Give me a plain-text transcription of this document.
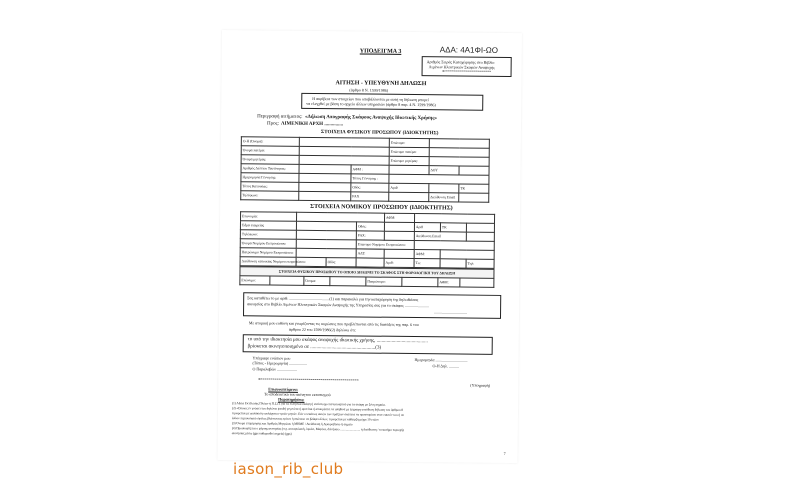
ΑΔΑ: 4Α1ΦΙ-ΩΟ
ΥΠΟΔΕΙΓΜΑ 3
Αριθμός Σειράς Καταχώρησης στο Βιβλίο
Λιμένων Ηλεκτρικών Σκαφών Αναψυχής
ΑΙΤΗΣΗ - ΥΠΕΥΘΥΝΗ ΔΗΛΩΣΗ
(άρθρο 8 Ν. 1599/1986)
Η ακρίβεια των στοιχείων που υποβάλλονται με αυτή τη δήλωση μπορεί
να ελεγχθεί με βάση το αρχείο άλλων υπηρεσιών (άρθρο 8 παρ. 4 Ν. 1599/1986)
Περιγραφή αιτήματος: «Δήλωση Απογραφής Σκάφους Αναψυχής Ιδιωτικής Χρήσης»
Προς: ΛΙΜΕΝΙΚΗ ΑΡΧΗ ...............
ΣΤΟΙΧΕΙΑ ΦΥΣΙΚΟΥ ΠΡΟΣΩΠΟΥ (ΙΔΙΟΚΤΗΤΗΣ)
Ο-Η (Όνομα):			Επώνυμο:		
Όνομα πατέρα:			Επώνυμο πατέρα:		
Όνομα μητέρας:			Επώνυμο μητέρας:		
Αριθμός Δελτίου Ταυτότητας:		ΑΦΜ :		ΔΟΥ	
Ημερομηνία Γέννησης:		Τόπος Γέννησης :			
Τόπος Κατοικίας:		Οδός:	Αριθ		ΤΚ
Τηλέφωνο:		FAX		Διεύθυνση Email	
ΣΤΟΙΧΕΙΑ ΝΟΜΙΚΟΥ ΠΡΟΣΩΠΟΥ (ΙΔΙΟΚΤΗΤΗΣ)
Επωνυμία:				ΑΦΜ:			
Έδρα εταιρείας			Οδός:		Αριθ	ΤΚ	
Τηλέφωνο:			FAX:		Διεύθυνση Email		
Όνομα Νομίμου Εκπροσώπου:			Επώνυμο Νομίμου Εκπροσώπου:				
Πατρώνυμο Νομίμου Εκπροσώπου:			ΑΔΤ:		ΑΦΜ:		
Διεύθυνση κατοικίας Νομίμου εκπροσώπου:		Οδός:		Αριθ:	Τ.κ:		Τηλ:
ΣΤΟΙΧΕΙΑ ΦΥΣΙΚΟΥ ΠΡΟΣΩΠΟΥ ΤΟ ΟΠΟΙΟ ΔΗΛΩΝΕΙ ΤΟ ΣΚΑΦΟΣ ΣΤΗ ΦΟΡΟΛΟΓΙΚΗ ΤΟΥ ΔΗΛΩΣΗ
Επώνυμο:		Όνομα:		Πατρώνυμο:		ΑΦΜ:	
Σας καταθέτω το με αριθ. ........................................(1) και παρακαλώ για την καταχώρηση της δηλωθείσας
ακινησίας στο Βιβλίο Λιμένων Ηλεκτρικών Σκαφών Αναψυχής της Υπηρεσίας σας για το σκάφος ........................
.................................
Με ατομική μου ευθύνη και γνωρίζοντας τις κυρώσεις που προβλέπονται από τις διατάξεις της παρ. 6 του
άρθρου 22 του 1599/1986(2) δηλώνω ότι:
το υπό την ιδιοκτησία μου σκάφος αναψυχής ιδιωτικής χρήσης, .........................................
βρίσκεται ακινητοποιημένο σε ....................................................(3)
Υπέγραψε ενώπιον μου
(Τόπος - Ημερομηνία) ..................
Ο Παραλαβών ....................
Ημερομηνία ................................
Ο-Η Δηλ. ..........
(Υπογραφή)
Επισυναπτόμενα:
Το αποδεικτικό του ακίνητου εκτοπισμού
Παρατηρήσεις:
(1) Αδεια Εκτέλεσης Πλόων ή Π.Σ.Π. για τα ελληνικά σκάφη ή αντίστοιχο πιστοποιητικό για τα σκάφη με ξένη σημαία.
(2) «Όποιος εν γνώσει του δηλώνει ψευδή γεγονότα ή αρνείται ή αποκρύπτει τα αληθινά με έγγραφη υπεύθυνη δήλωση του άρθρου 8
τιμωρείται με φυλάκιση τουλάχιστον τριών μηνών. Εάν ο υπαίτιος αυτών των πράξεων σκόπευε να προσπορίσει στον εαυτόν του ή σε
άλλον περιουσιακό όφελος βλάπτοντας τρίτον ή σκόπευε να βλάψει άλλον, τιμωρείται με κάθειρξη μέχρι 10 ετών»
(3) Όνομα επιχείρησης και Αριθμός Μητρώου ή ΜΗΜΕ / Διεύθυνση ή Αγκυροβόλιο ή σημείο
(4) Προσκομίζεται ο χάρτης ακινησίας (π.χ. ακτοφυλακή, λιμάνι, Μαρίνα, διά ήσσω ......................... ή διεύθυνση / τοποσήμο περιοχής
ακινησίας μέσω (gps καθορισθεί σημεία) (gps)
7
iason_rib_club
